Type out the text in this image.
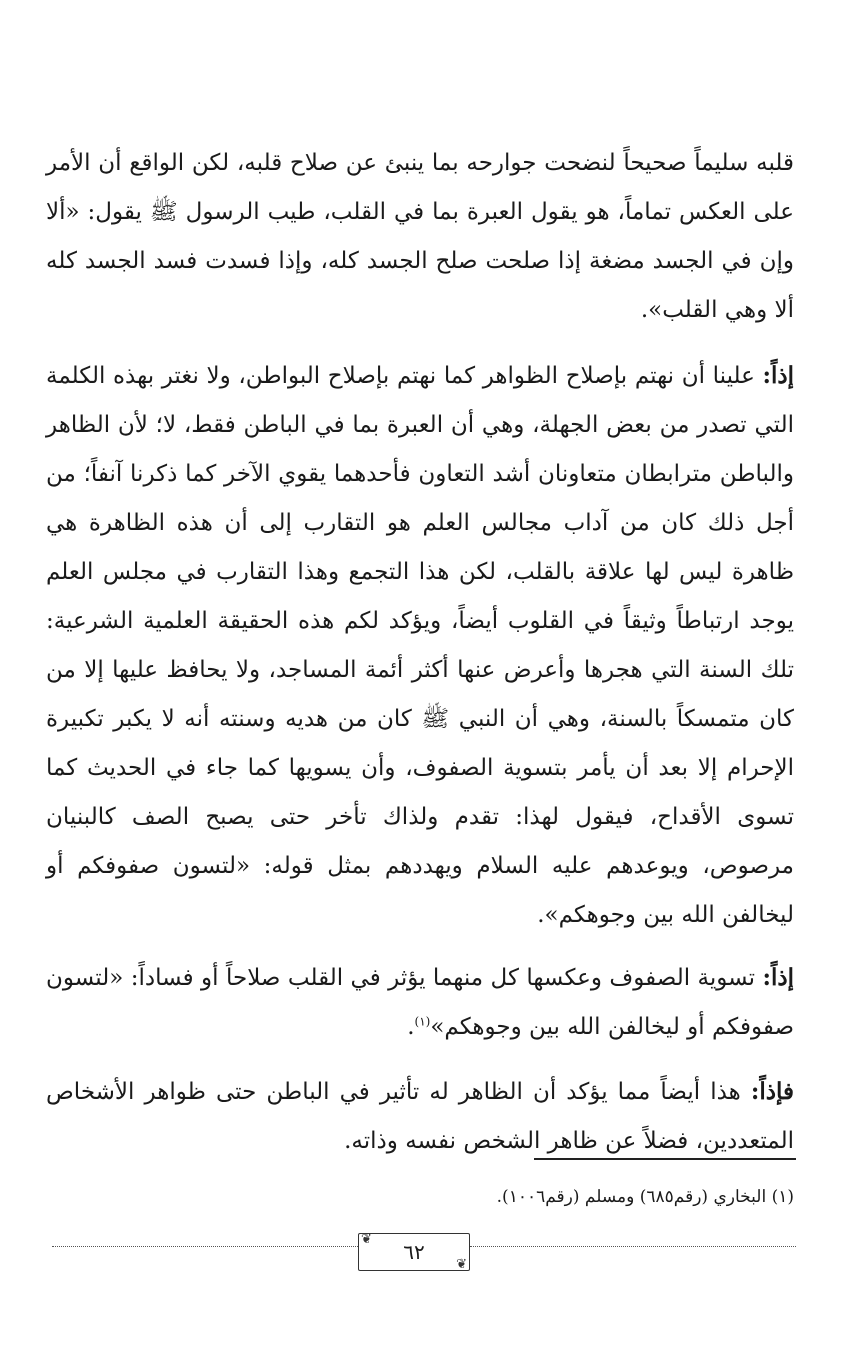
قلبه سليماً صحيحاً لنضحت جوارحه بما ينبئ عن صلاح قلبه، لكن الواقع أن الأمر على العكس تماماً، هو يقول العبرة بما في القلب، طيب الرسول ﷺ يقول: «ألا وإن في الجسد مضغة إذا صلحت صلح الجسد كله، وإذا فسدت فسد الجسد كله ألا وهي القلب».

إذاً: علينا أن نهتم بإصلاح الظواهر كما نهتم بإصلاح البواطن، ولا نغتر بهذه الكلمة التي تصدر من بعض الجهلة، وهي أن العبرة بما في الباطن فقط، لا؛ لأن الظاهر والباطن مترابطان متعاونان أشد التعاون فأحدهما يقوي الآخر كما ذكرنا آنفاً؛ من أجل ذلك كان من آداب مجالس العلم هو التقارب إلى أن هذه الظاهرة هي ظاهرة ليس لها علاقة بالقلب، لكن هذا التجمع وهذا التقارب في مجلس العلم يوجد ارتباطاً وثيقاً في القلوب أيضاً، ويؤكد لكم هذه الحقيقة العلمية الشرعية: تلك السنة التي هجرها وأعرض عنها أكثر أئمة المساجد، ولا يحافظ عليها إلا من كان متمسكاً بالسنة، وهي أن النبي ﷺ كان من هديه وسنته أنه لا يكبر تكبيرة الإحرام إلا بعد أن يأمر بتسوية الصفوف، وأن يسويها كما جاء في الحديث كما تسوى الأقداح، فيقول لهذا: تقدم ولذاك تأخر حتى يصبح الصف كالبنيان مرصوص، ويوعدهم عليه السلام ويهددهم بمثل قوله: «لتسون صفوفكم أو ليخالفن الله بين وجوهكم».

إذاً: تسوية الصفوف وعكسها كل منهما يؤثر في القلب صلاحاً أو فساداً: «لتسون صفوفكم أو ليخالفن الله بين وجوهكم»$^{(١)}$.

فإذاً: هذا أيضاً مما يؤكد أن الظاهر له تأثير في الباطن حتى ظواهر الأشخاص المتعددين، فضلاً عن ظاهر الشخص نفسه وذاته.

(١) البخاري (رقم٦٨٥) ومسلم (رقم١٠٠٦).
❦
٦٢
❦
